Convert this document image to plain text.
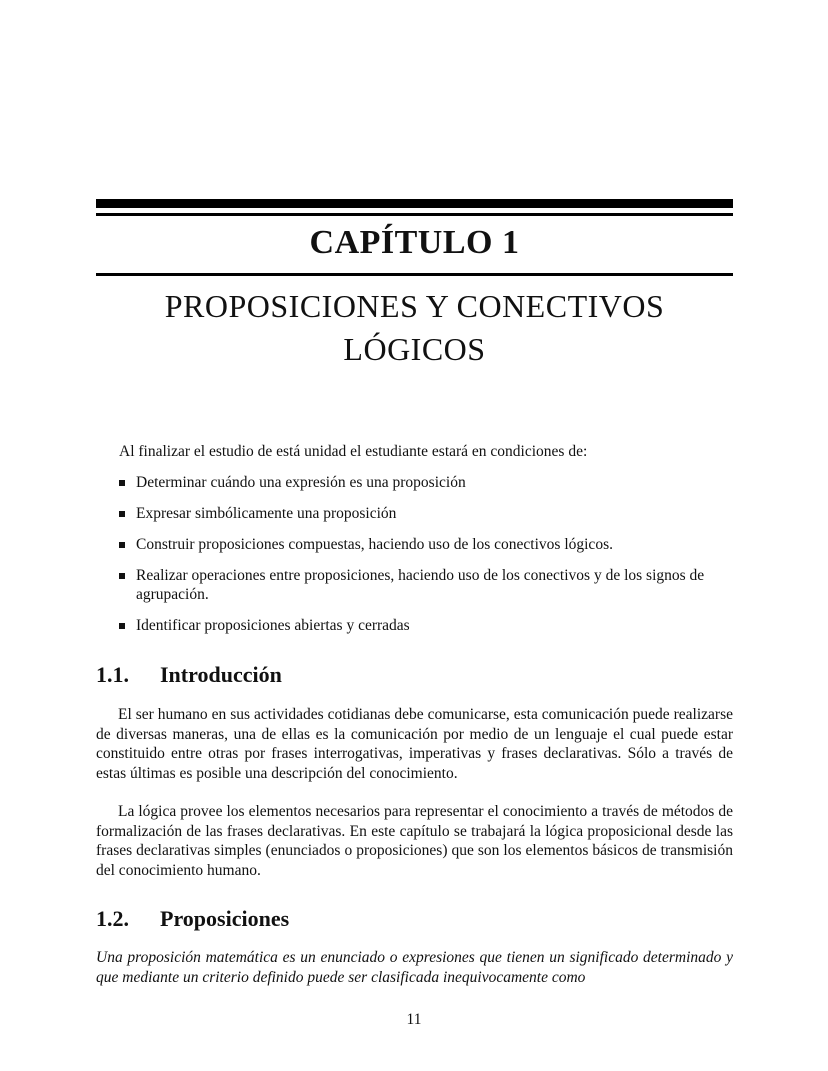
CAPÍTULO 1
PROPOSICIONES Y CONECTIVOS
LÓGICOS
Al finalizar el estudio de está unidad el estudiante estará en condiciones de:
Determinar cuándo una expresión es una proposición
Expresar simbólicamente una proposición
Construir proposiciones compuestas, haciendo uso de los conectivos lógicos.
Realizar operaciones entre proposiciones, haciendo uso de los conectivos y de los signos de agrupación.
Identificar proposiciones abiertas y cerradas
1.1. Introducción

El ser humano en sus actividades cotidianas debe comunicarse, esta comunicación puede realizarse de diversas maneras, una de ellas es la comunicación por medio de un lenguaje el cual puede estar constituido entre otras por frases interrogativas, imperativas y frases declarativas. Sólo a través de estas últimas es posible una descripción del conocimiento.

La lógica provee los elementos necesarios para representar el conocimiento a través de métodos de formalización de las frases declarativas. En este capítulo se trabajará la lógica proposicional desde las frases declarativas simples (enunciados o proposiciones) que son los elementos básicos de transmisión del conocimiento humano.

1.2. Proposiciones

Una proposición matemática es un enunciado o expresiones que tienen un significado determinado y que mediante un criterio definido puede ser clasificada inequivocamente como

11
